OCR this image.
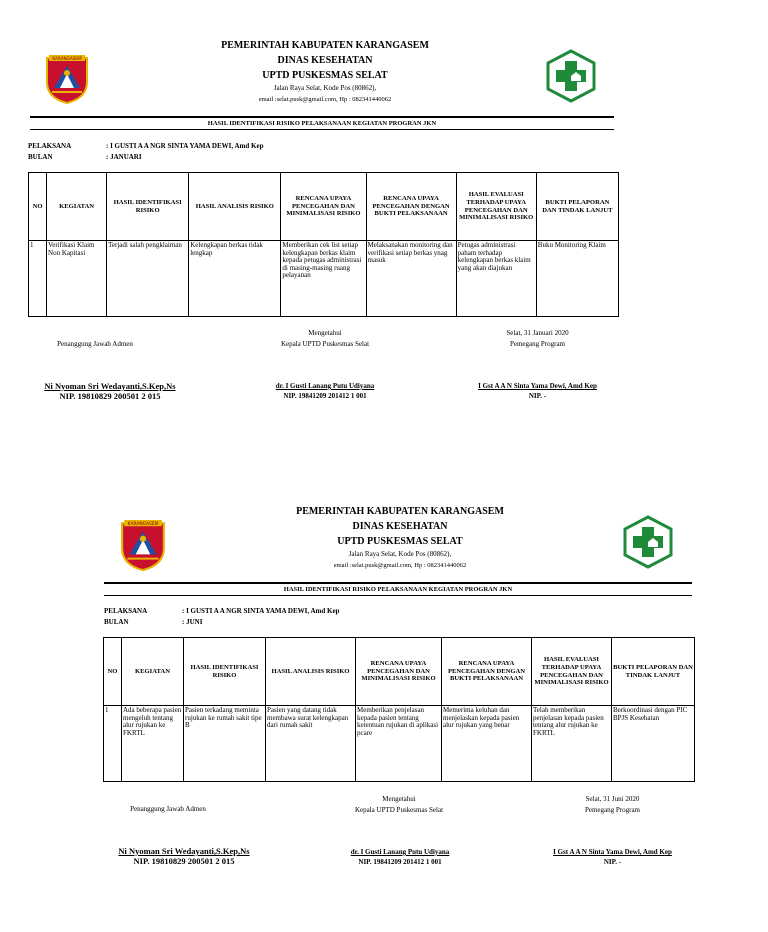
KARANGASEM
PEMERINTAH KABUPATEN KARANGASEM
DINAS KESEHATAN
UPTD PUSKESMAS SELAT
Jalan Raya Selat, Kode Pos (80862),
email :selat.pusk@gmail.com, Hp : 082341440062
HASIL IDENTIFIKASI RISIKO PELAKSANAAN KEGIATAN PROGRAN JKN
PELAKSANA	: I GUSTI A A NGR SINTA YAMA DEWI, Amd Kep
BULAN	: JANUARI
NO	KEGIATAN	HASIL IDENTIFIKASI RISIKO	HASIL ANALISIS RISIKO	RENCANA UPAYA PENCEGAHAN DAN MINIMALISASI RISIKO	RENCANA UPAYA PENCEGAHAN DENGAN BUKTI PELAKSANAAN	HASIL EVALUASI TERHADAP UPAYA PENCEGAHAN DAN MINIMALISASI RISIKO	BUKTI PELAPORAN DAN TINDAK LANJUT
1	Verifikasi Klaim Non Kapitasi	Terjadi salah pengklaiman	Kelengkapan berkas tidak lengkap	Memberikan cek list setiap kelengkapan berkas klaim kepada petugas administrasi di masing-masing ruang pelayanan	Melaksanakan monitoring dan verifikasi setiap berkas ynag masuk	Petugas administrasi paham terhadap kelengkapan berkas klaim yang akan diajukan	Buku Monitoring Klaim
Mengetahui
Kepala UPTD Puskesmas Selat
Selat, 31 Januari 2020
Pemegang Program
Penanggung Jawab Admen
Ni Nyoman Sri Wedayanti,S.Kep,Ns
NIP. 19810829 200501 2 015
dr. I Gusti Lanang Putu Udiyana
NIP. 19841209 201412 1 001
I Gst A A N Sinta Yama Dewi, Amd Kep
NIP. -
KARANGASEM
PEMERINTAH KABUPATEN KARANGASEM
DINAS KESEHATAN
UPTD PUSKESMAS SELAT
Jalan Raya Selat, Kode Pos (80862),
email :selat.pusk@gmail.com, Hp : 082341440062
HASIL IDENTIFIKASI RISIKO PELAKSANAAN KEGIATAN PROGRAN JKN
PELAKSANA	: I GUSTI A A NGR SINTA YAMA DEWI, Amd Kep
BULAN	: JUNI
NO	KEGIATAN	HASIL IDENTIFIKASI RISIKO	HASIL ANALISIS RISIKO	RENCANA UPAYA PENCEGAHAN DAN MINIMALISASI RISIKO	RENCANA UPAYA PENCEGAHAN DENGAN BUKTI PELAKSANAAN	HASIL EVALUASI TERHADAP UPAYA PENCEGAHAN DAN MINIMALISASI RISIKO	BUKTI PELAPORAN DAN TINDAK LANJUT
1	Ada beberapa pasien mengeluh tentang alur rujukan ke FKRTL	Pasien terkadang meminta rujukan ke rumah sakit tipe B	Pasien yang datang tidak membawa surat kelengkapan dari rumah sakit	Memberikan penjelasan kepada pasien tentang ketentuan rujukan di aplikasi pcare	Memerima keluhan dan menjelaskan kepada pasien alur rujukan yang benar	Telah memberikan penjelasan kepada pasien tentang alur rujukan ke FKRTL	Berkoordinasi dengan PIC BPJS Kesehatan
Mengetahui
Kepala UPTD Puskesmas Selat
Selat, 31 Juni 2020
Pemegang Program
Penanggung Jawab Admen
Ni Nyoman Sri Wedayanti,S.Kep,Ns
NIP. 19810829 200501 2 015
dr. I Gusti Lanang Putu Udiyana
NIP. 19841209 201412 1 001
I Gst A A N Sinta Yama Dewi, Amd Kep
NIP. -
